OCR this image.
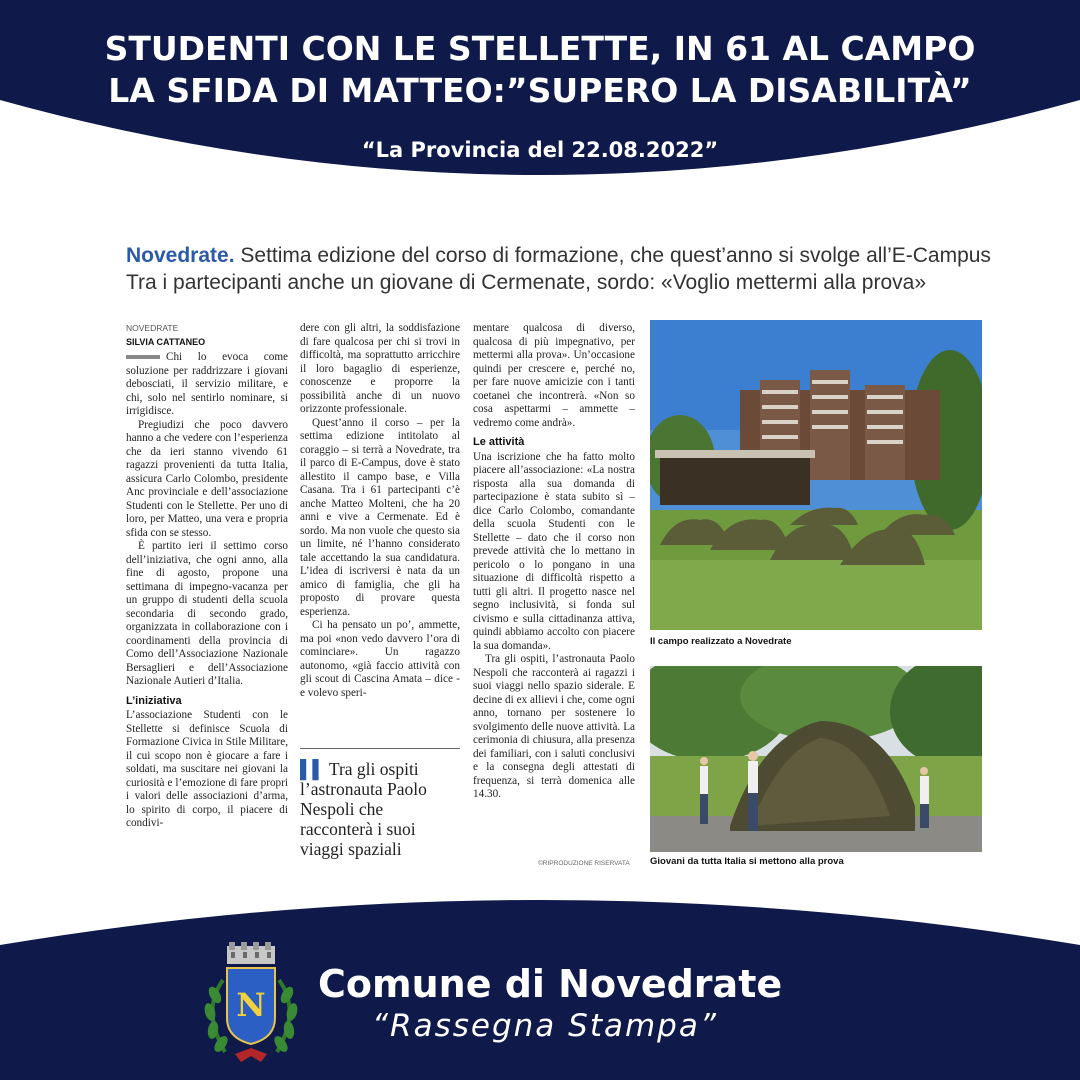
STUDENTI CON LE STELLETTE, IN 61 AL CAMPO
LA SFIDA DI MATTEO:”SUPERO LA DISABILITÀ”
“La Provincia del 22.08.2022”
Novedrate. Settima edizione del corso di formazione, che quest’anno si svolge all’E-Campus
Tra i partecipanti anche un giovane di Cermenate, sordo: «Voglio mettermi alla prova»
NOVEDRATE
SILVIA CATTANEO

Chi lo evoca come soluzione per raddrizzare i giovani debosciati, il servizio militare, e chi, solo nel sentirlo nominare, si irrigidisce.

Pregiudizi che poco davvero hanno a che vedere con l’esperienza che da ieri stanno vivendo 61 ragazzi provenienti da tutta Italia, assicura Carlo Colombo, presidente Anc provinciale e dell’associazione Studenti con le Stellette. Per uno di loro, per Matteo, una vera e propria sfida con se stesso.

È partito ieri il settimo corso dell’iniziativa, che ogni anno, alla fine di agosto, propone una settimana di impegno-vacanza per un gruppo di studenti della scuola secondaria di secondo grado, organizzata in collaborazione con i coordinamenti della provincia di Como dell’Associazione Nazionale Bersaglieri e dell’Associazione Nazionale Autieri d’Italia.

L’iniziativa

L’associazione Studenti con le Stellette si definisce Scuola di Formazione Civica in Stile Militare, il cui scopo non è giocare a fare i soldati, ma suscitare nei giovani la curiosità e l’emozione di fare propri i valori delle associazioni d’arma, lo spirito di corpo, il piacere di condivi-

dere con gli altri, la soddisfazione di fare qualcosa per chi si trovi in difficoltà, ma soprattutto arricchire il loro bagaglio di esperienze, conoscenze e proporre la possibilità anche di un nuovo orizzonte professionale.

Quest’anno il corso – per la settima edizione intitolato al coraggio – si terrà a Novedrate, tra il parco di E-Campus, dove è stato allestito il campo base, e Villa Casana. Tra i 61 partecipanti c’è anche Matteo Molteni, che ha 20 anni e vive a Cermenate. Ed è sordo. Ma non vuole che questo sia un limite, né l’hanno considerato tale accettando la sua candidatura. L’idea di iscriversi è nata da un amico di famiglia, che gli ha proposto di provare questa esperienza.

Ci ha pensato un po’, ammette, ma poi «non vedo davvero l’ora di cominciare». Un ragazzo autonomo, «già faccio attività con gli scout di Cascina Amata – dice - e volevo speri-

▌▌ Tra gli ospiti l’astronauta Paolo Nespoli che racconterà i suoi viaggi spaziali

mentare qualcosa di diverso, qualcosa di più impegnativo, per mettermi alla prova». Un’occasione quindi per crescere e, perché no, per fare nuove amicizie con i tanti coetanei che incontrerà. «Non so cosa aspettarmi – ammette – vedremo come andrà».

Le attività

Una iscrizione che ha fatto molto piacere all’associazione: «La nostra risposta alla sua domanda di partecipazione è stata subito sì – dice Carlo Colombo, comandante della scuola Studenti con le Stellette – dato che il corso non prevede attività che lo mettano in pericolo o lo pongano in una situazione di difficoltà rispetto a tutti gli altri. Il progetto nasce nel segno inclusività, si fonda sul civismo e sulla cittadinanza attiva, quindi abbiamo accolto con piacere la sua domanda».

Tra gli ospiti, l’astronauta Paolo Nespoli che racconterà ai ragazzi i suoi viaggi nello spazio siderale. E decine di ex allievi i che, come ogni anno, tornano per sostenere lo svolgimento delle nuove attività. La cerimonia di chiusura, alla presenza dei familiari, con i saluti conclusivi e la consegna degli attestati di frequenza, si terrà domenica alle 14.30.

©RIPRODUZIONE RISERVATA
Il campo realizzato a Novedrate
Giovani da tutta Italia si mettono alla prova
N Comune di Novedrate
“Rassegna Stampa”
